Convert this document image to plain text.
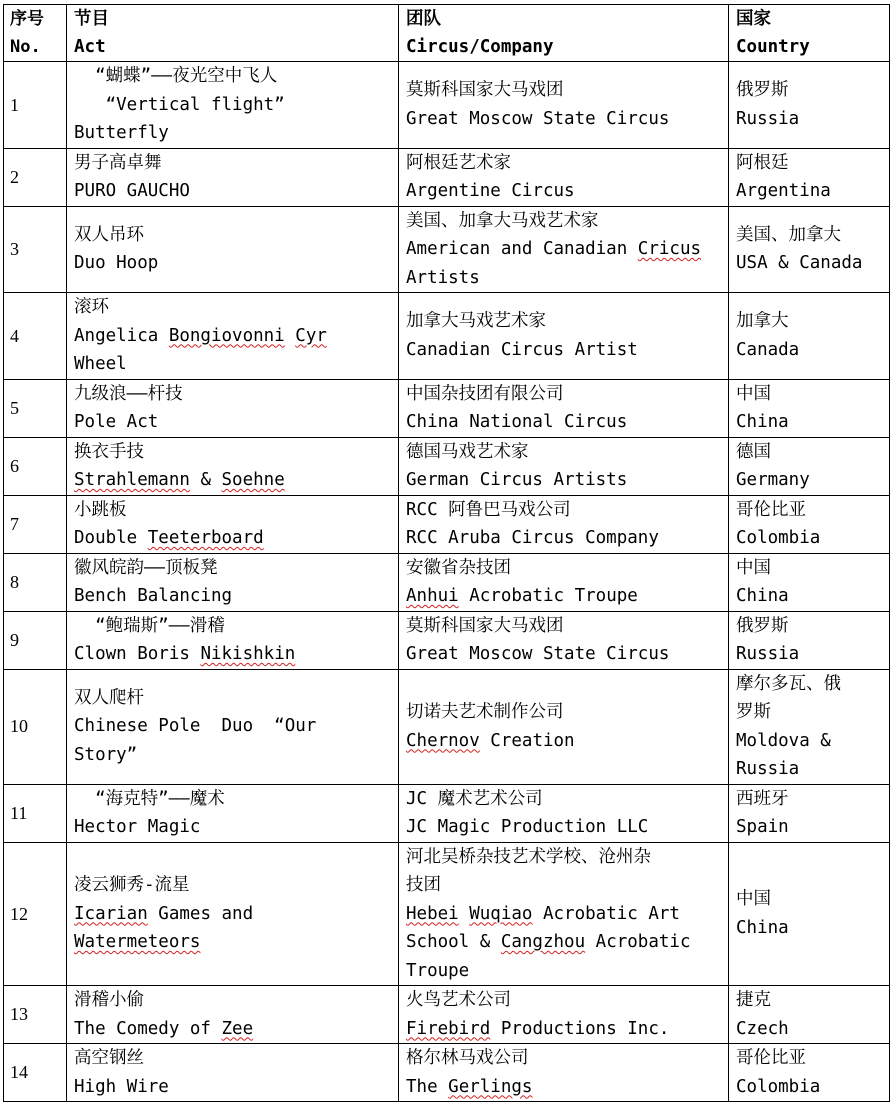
序号
No.	节目
Act	团队
Circus/Company	国家
Country

1	“蝴蝶”——夜光空中飞人
“Vertical flight”
Butterfly	莫斯科国家大马戏团
Great Moscow State Circus	俄罗斯
Russia

2	男子高卓舞
PURO GAUCHO	阿根廷艺术家
Argentine Circus	阿根廷
Argentina

3	双人吊环
Duo Hoop	美国、加拿大马戏艺术家
American and Canadian Cricus
Artists	美国、加拿大
USA & Canada

4	滚环
Angelica Bongiovonni Cyr
Wheel	加拿大马戏艺术家
Canadian Circus Artist	加拿大
Canada

5	九级浪——杆技
Pole Act	中国杂技团有限公司
China National Circus	中国
China

6	换衣手技
Strahlemann & Soehne	德国马戏艺术家
German Circus Artists	德国
Germany

7	小跳板
Double Teeterboard	RCC 阿鲁巴马戏公司
RCC Aruba Circus Company	哥伦比亚
Colombia

8	徽风皖韵——顶板凳
Bench Balancing	安徽省杂技团
Anhui Acrobatic Troupe	中国
China

9	“鲍瑞斯”——滑稽
Clown Boris Nikishkin	莫斯科国家大马戏团
Great Moscow State Circus	俄罗斯
Russia

10	双人爬杆
Chinese Pole  Duo  “Our
Story”	切诺夫艺术制作公司
Chernov Creation	摩尔多瓦、俄
罗斯
Moldova &
Russia

11	“海克特”——魔术
Hector Magic	JC 魔术艺术公司
JC Magic Production LLC	西班牙
Spain

12	凌云狮秀-流星
Icarian Games and
Watermeteors	河北吴桥杂技艺术学校、沧州杂
技团
Hebei Wuqiao Acrobatic Art
School & Cangzhou Acrobatic
Troupe	中国
China

13	滑稽小偷
The Comedy of Zee	火鸟艺术公司
Firebird Productions Inc.	捷克
Czech

14	高空钢丝
High Wire	格尔林马戏公司
The Gerlings	哥伦比亚
Colombia
